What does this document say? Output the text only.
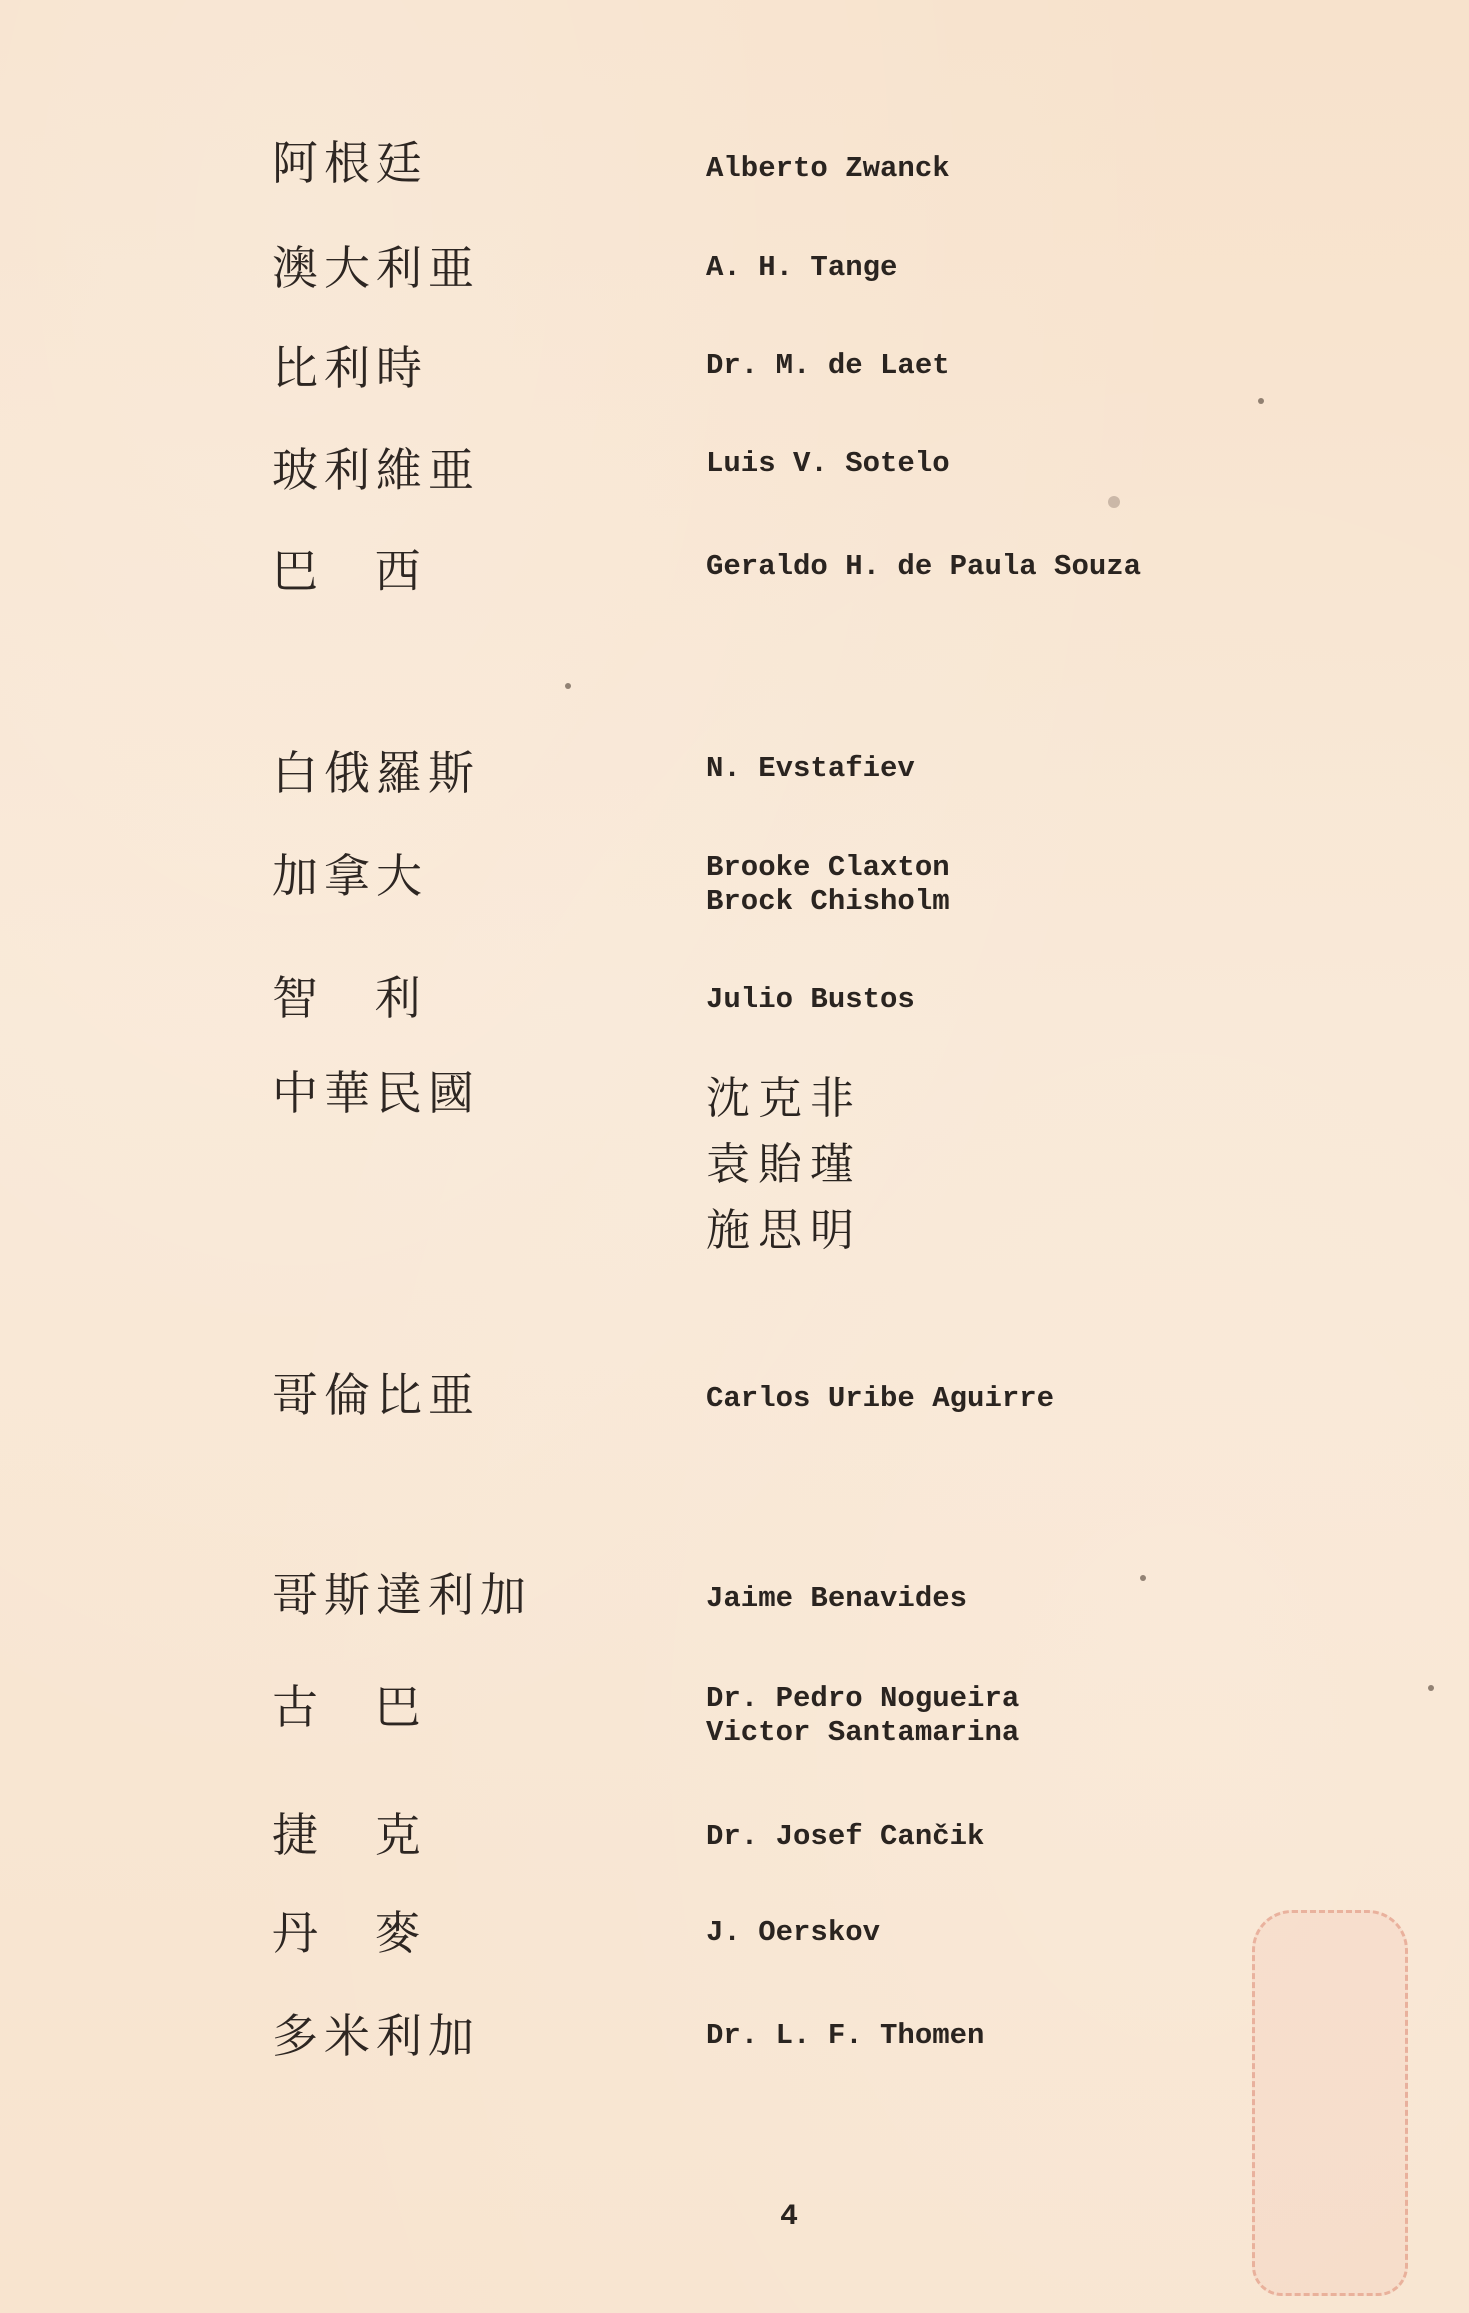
阿根廷	Alberto Zwanck
澳大利亜	A. H. Tange
比利時	Dr. M. de Laet
玻利維亜	Luis V. Sotelo
巴 西	Geraldo H. de Paula Souza
白俄羅斯	N. Evstafiev
加拿大	Brooke Claxton
Brock Chisholm
智 利	Julio Bustos
中華民國	沈克非
袁貽瑾
施思明
哥倫比亜	Carlos Uribe Aguirre
哥斯達利加	Jaime Benavides
古 巴	Dr. Pedro Nogueira
Victor Santamarina
捷 克	Dr. Josef Cančik
丹 麥	J. Oerskov
多米利加	Dr. L. F. Thomen
4
